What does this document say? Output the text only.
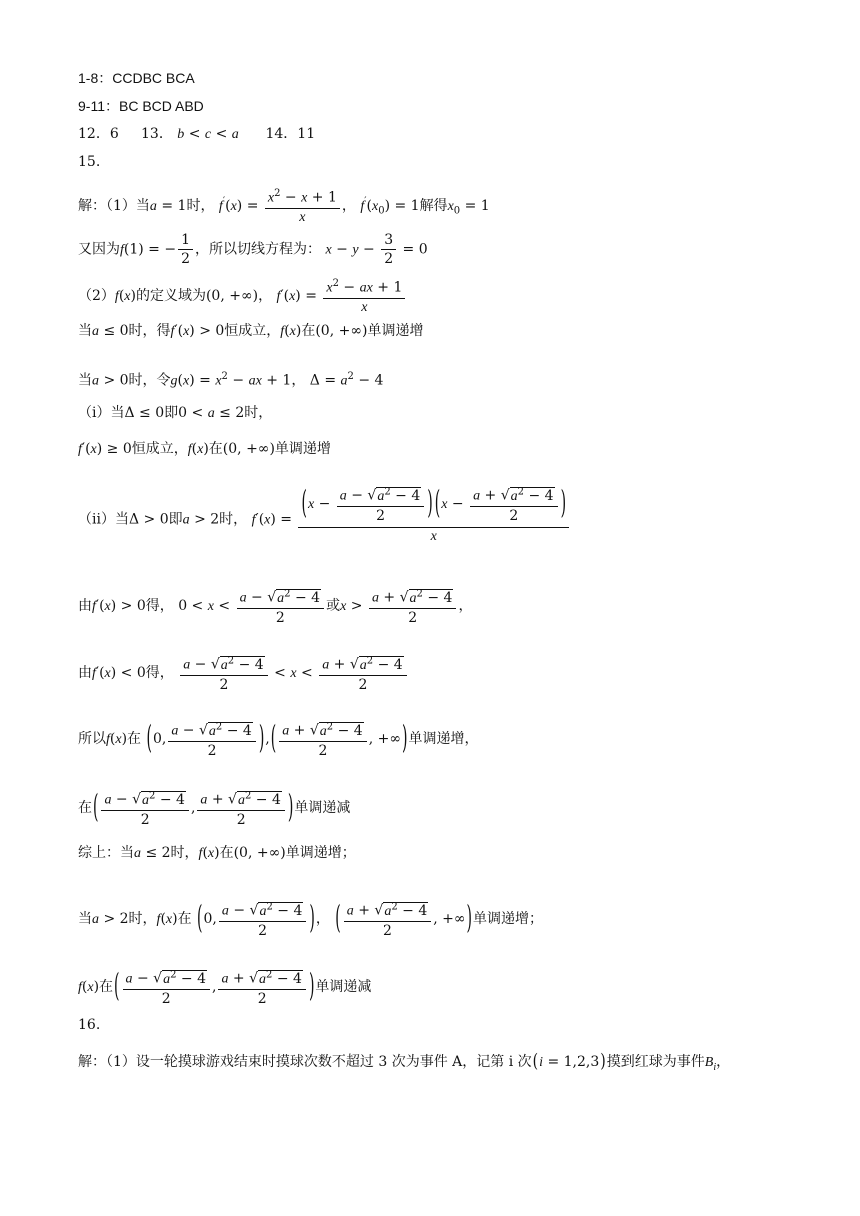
1-8：CCDBC BCA
9-11：BC BCD ABD
12．6 13． b < c < a 14．11
15.
解：（1）当a = 1时， $f'(x) = \frac{x^2 - x + 1}{x}$ ， $f'(x_0) = 1$解得$x_0 = 1$
又因为f(1) = − $\frac{1}{2}$ ，所以切线方程为： $x - y - \frac{3}{2} = 0$
（2）f(x)的定义域为(0, +∞)， $f'(x) = \frac{x^2 - ax + 1}{x}$
当a ≤ 0时，得f′(x) > 0恒成立，f(x)在(0, +∞)单调递增
当a > 0时，令$g(x) = x^2$ − ax + 1， $\Delta = a^2 - 4$
（i）当Δ ≤ 0即0 < a ≤ 2时，
f′(x) ≥ 0恒成立，f(x)在(0, +∞)单调递增
（ii）当Δ > 0即a > 2时， $f'(x) = \frac{(x - \frac{a - √a^2 - 4}{2} ) (x - \frac{a + √a^2 - 4}{2} )}{x}$
由f′(x) > 0得， $0 < x < \frac{a - √a^2 - 4}{2}$ 或$x > \frac{a + √a^2 - 4}{2}$ ，
由f′(x) < 0得， $\frac{a - √a^2 - 4}{2} < x < \frac{a + √a^2 - 4}{2}$
所以f(x)在 (0, $\frac{a - √a^2 - 4}{2}$ ),( $\frac{a + √a^2 - 4}{2}$ , +∞)单调递增，
在( $\frac{a - √a^2 - 4}{2}$ , $\frac{a + √a^2 - 4}{2}$ )单调递减
综上：当a ≤ 2时，f(x)在(0, +∞)单调递增；
当a > 2时，f(x)在 (0, $\frac{a - √a^2 - 4}{2}$ )， ( $\frac{a + √a^2 - 4}{2}$ , +∞)单调递增；
f(x)在( $\frac{a - √a^2 - 4}{2}$ , $\frac{a + √a^2 - 4}{2}$ )单调递减
16.
解：（1）设一轮摸球游戏结束时摸球次数不超过 3 次为事件 A，记第 i 次(i = 1,2,3)摸到红球为事件$B_i$，
